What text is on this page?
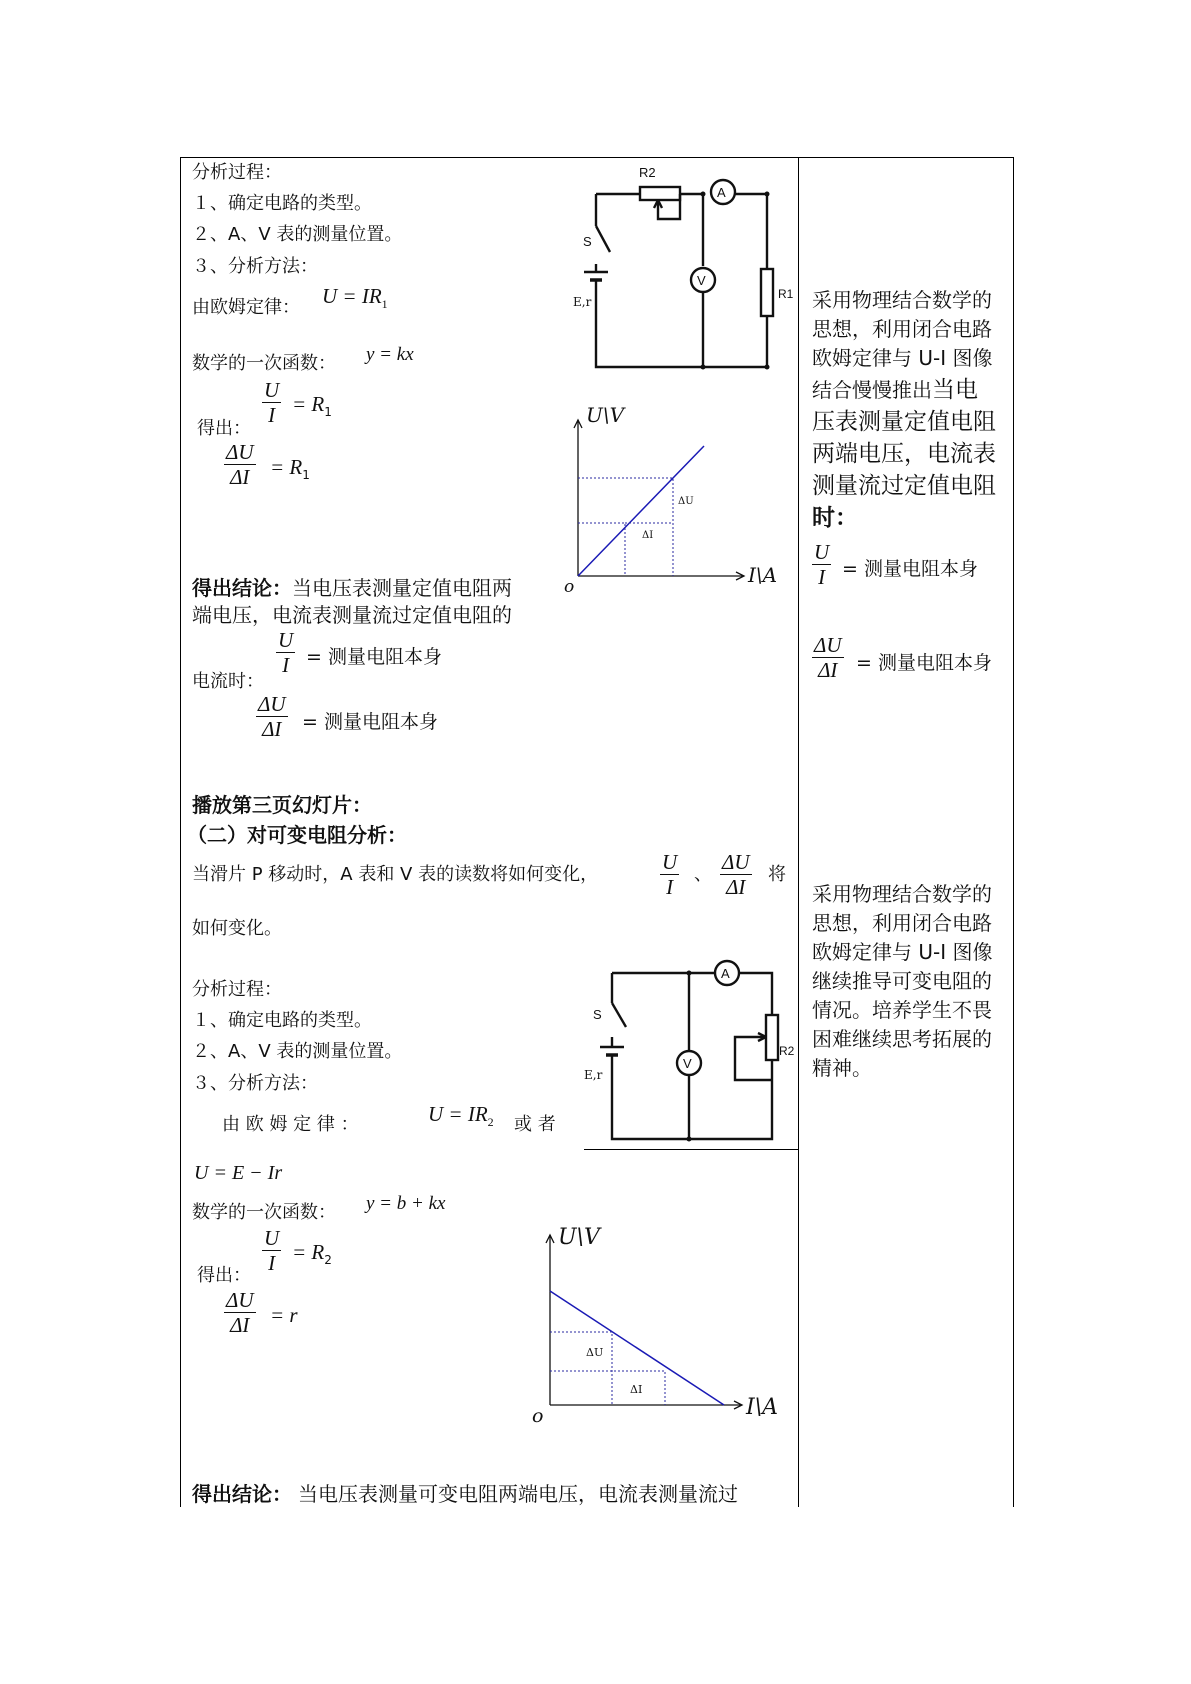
分析过程：
１、确定电路的类型。
２、A、V 表的测量位置。
３、分析方法：
由欧姆定律： $U = IR_1$
数学的一次函数： y = kx
得出：
U
$I = R_1$
ΔU
$\Delta I = R_1$
A
V
R2
R1
S
E,r
U\V
I\A
o
ΔU
ΔI
得出结论：当电压表测量定值电阻两
端电压，电流表测量流过定值电阻的
电流时：
U
I = 测量电阻本身
ΔU
ΔI = 测量电阻本身
采用物理结合数学的
思想，利用闭合电路
欧姆定律与 U-I 图像
结合慢慢推出当电
压表测量定值电阻
两端电压，电流表
测量流过定值电阻
时：
U
I = 测量电阻本身
ΔU
ΔI = 测量电阻本身
播放第三页幻灯片：
（二）对可变电阻分析：
当滑片 P 移动时，A 表和 V 表的读数将如何变化，
U
I
、
ΔU
ΔI
将
如何变化。
分析过程：
１、确定电路的类型。
２、A、V 表的测量位置。
３、分析方法：
由 欧 姆 定 律 ：	$U = IR_2$ 或 者
U = E − Ir
数学的一次函数： y = b + kx
得出：
U
$I = R_2$
ΔU
ΔI = r
A
V
R2
S
E,r
U\V
I\A
o
ΔU
ΔI
得出结论： 当电压表测量可变电阻两端电压，电流表测量流过
采用物理结合数学的
思想，利用闭合电路
欧姆定律与 U-I 图像
继续推导可变电阻的
情况。培养学生不畏
困难继续思考拓展的
精神。
